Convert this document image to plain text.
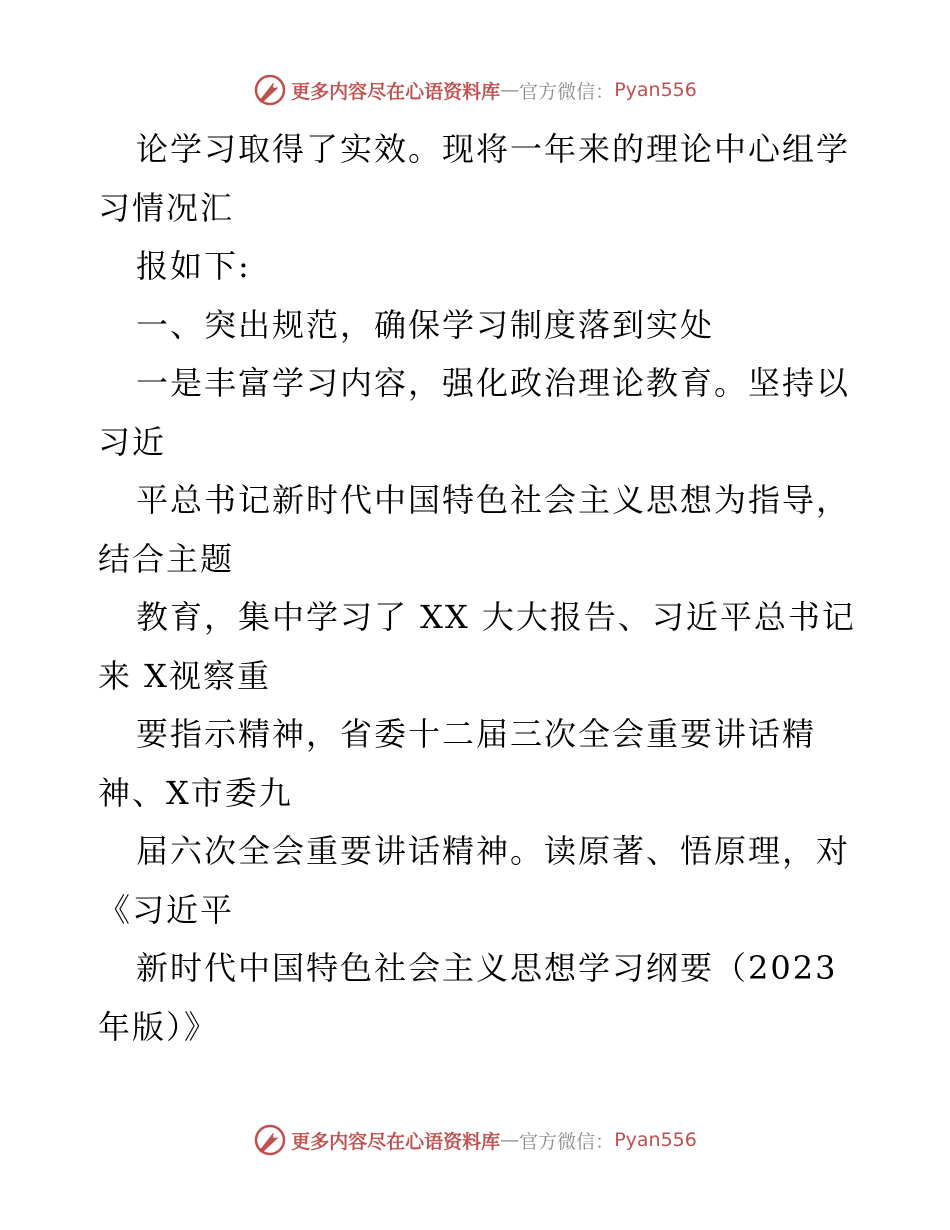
更多内容尽在心语资料库 — 官方微信： Pyan556
论学习取得了实效。现将一年来的理论中心组学
习情况汇
报如下:
一、突出规范，确保学习制度落到实处
一是丰富学习内容，强化政治理论教育。坚持以
习近
平总书记新时代中国特色社会主义思想为指导，
结合主题
教育，集中学习了 XX 大大报告、习近平总书记
来 X视察重
要指示精神，省委十二届三次全会重要讲话精
神、X市委九
届六次全会重要讲话精神。读原著、悟原理，对
《习近平
新时代中国特色社会主义思想学习纲要（2023
年版）》
更多内容尽在心语资料库 — 官方微信： Pyan556
